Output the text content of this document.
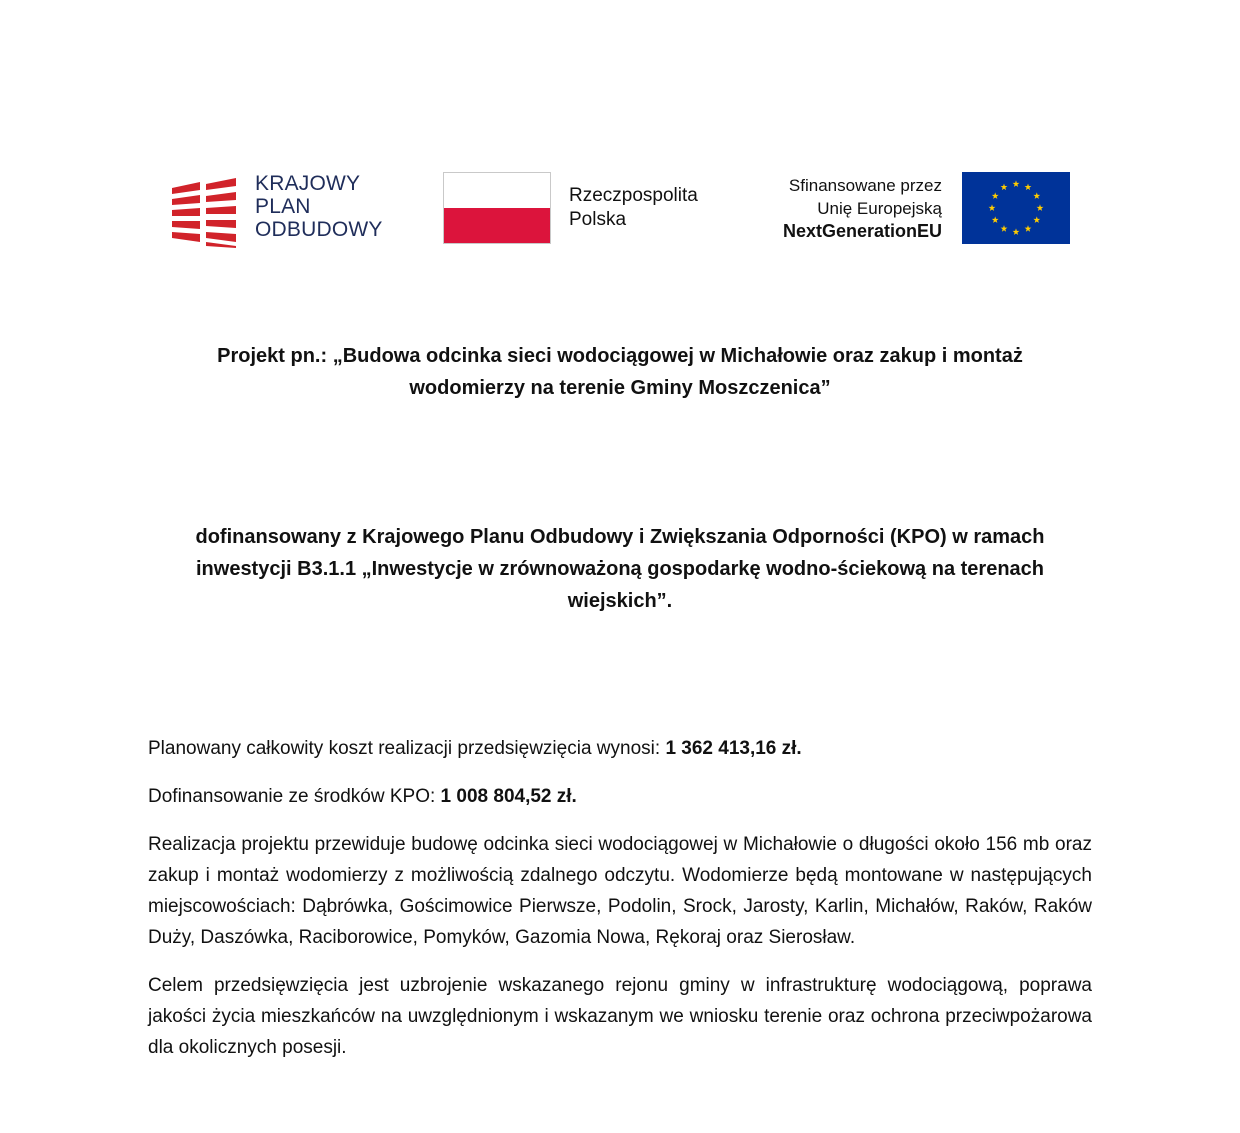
KRAJOWY
PLAN
ODBUDOWY
Rzeczpospolita
Polska
Sfinansowane przez
Unię Europejską
NextGenerationEU
Projekt pn.: „Budowa odcinka sieci wodociągowej w Michałowie oraz zakup i montaż
wodomierzy na terenie Gminy Moszczenica”
dofinansowany z Krajowego Planu Odbudowy i Zwiększania Odporności (KPO) w ramach
inwestycji B3.1.1 „Inwestycje w zrównoważoną gospodarkę wodno-ściekową na terenach
wiejskich”.

Planowany całkowity koszt realizacji przedsięwzięcia wynosi: 1 362 413,16 zł.

Dofinansowanie ze środków KPO: 1 008 804,52 zł.

Realizacja projektu przewiduje budowę odcinka sieci wodociągowej w Michałowie o długości około 156 mb oraz zakup i montaż wodomierzy z możliwością zdalnego odczytu. Wodomierze będą montowane w następujących miejscowościach: Dąbrówka, Gościmowice Pierwsze, Podolin, Srock, Jarosty, Karlin, Michałów, Raków, Raków Duży, Daszówka, Raciborowice, Pomyków, Gazomia Nowa, Rękoraj oraz Sierosław.

Celem przedsięwzięcia jest uzbrojenie wskazanego rejonu gminy w infrastrukturę wodociągową, poprawa jakości życia mieszkańców na uwzględnionym i wskazanym we wniosku terenie oraz ochrona przeciwpożarowa dla okolicznych posesji.
